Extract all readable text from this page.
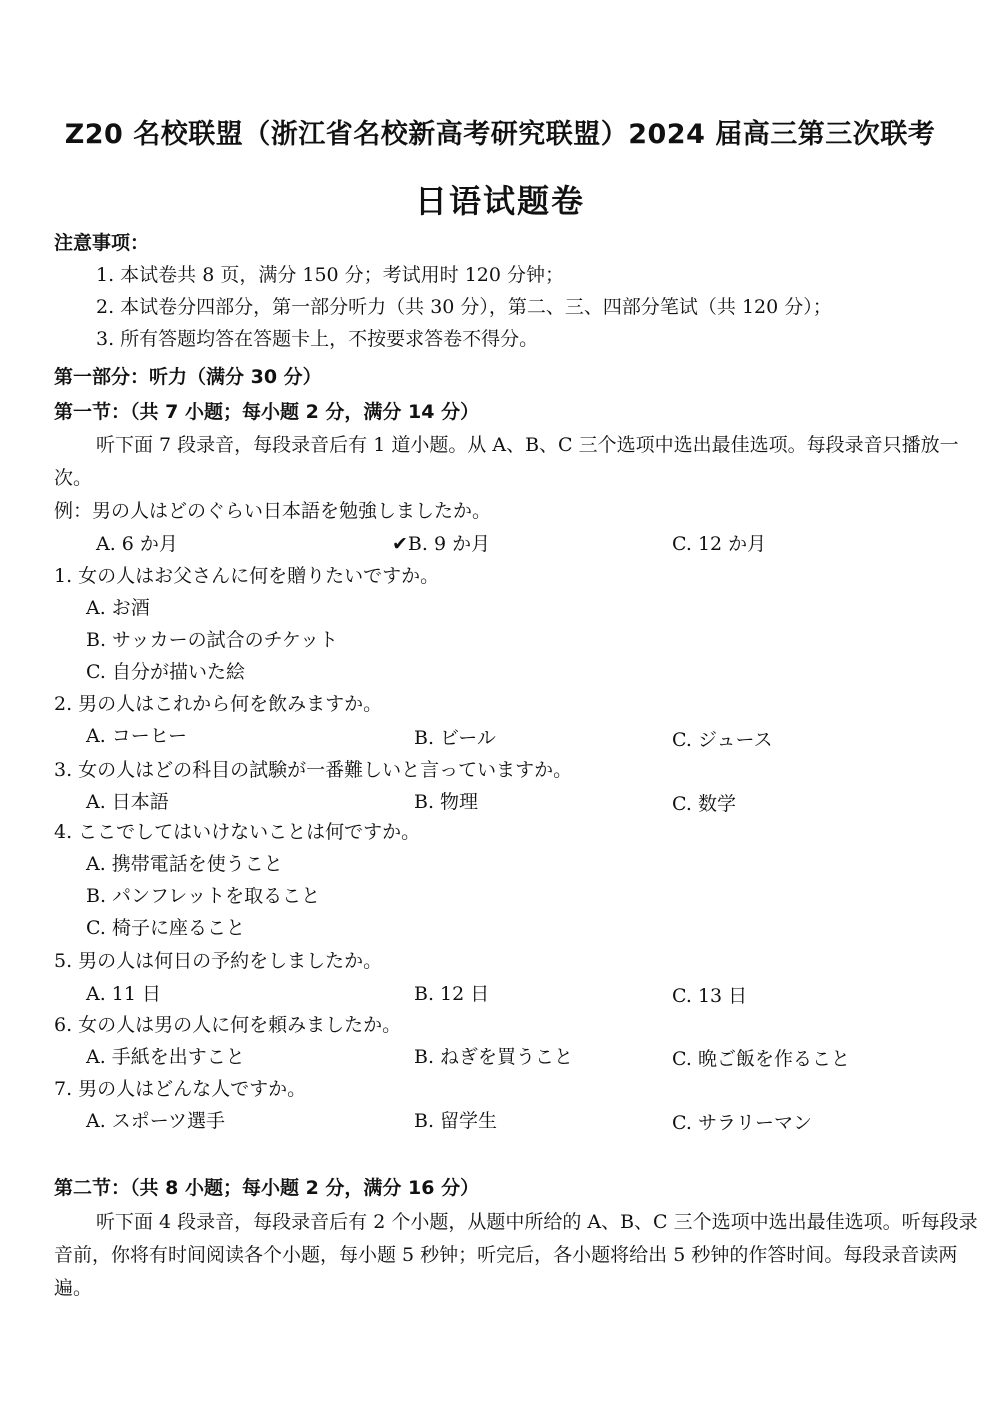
Z20 名校联盟（浙江省名校新高考研究联盟）2024 届高三第三次联考
日语试题卷
注意事项：
1. 本试卷共 8 页，满分 150 分；考试用时 120 分钟；
2. 本试卷分四部分，第一部分听力（共 30 分），第二、三、四部分笔试（共 120 分）；
3. 所有答题均答在答题卡上，不按要求答卷不得分。
第一部分：听力（满分 30 分）
第一节：（共 7 小题；每小题 2 分，满分 14 分）
听下面 7 段录音，每段录音后有 1 道小题。从 A、B、C 三个选项中选出最佳选项。每段录音只播放一次。
例：男の人はどのぐらい日本語を勉強しましたか。
A. 6 か月	✔B. 9 か月	C. 12 か月
1. 女の人はお父さんに何を贈りたいですか。
A. お酒
B. サッカーの試合のチケット
C. 自分が描いた絵
2. 男の人はこれから何を飲みますか。
A. コーヒー	B. ビール	C. ジュース
3. 女の人はどの科目の試験が一番難しいと言っていますか。
A. 日本語	B. 物理	C. 数学
4. ここでしてはいけないことは何ですか。
A. 携帯電話を使うこと
B. パンフレットを取ること
C. 椅子に座ること
5. 男の人は何日の予約をしましたか。
A. 11 日	B. 12 日	C. 13 日
6. 女の人は男の人に何を頼みましたか。
A. 手紙を出すこと	B. ねぎを買うこと	C. 晩ご飯を作ること
7. 男の人はどんな人ですか。
A. スポーツ選手	B. 留学生	C. サラリーマン
第二节：（共 8 小题；每小题 2 分，满分 16 分）
听下面 4 段录音，每段录音后有 2 个小题，从题中所给的 A、B、C 三个选项中选出最佳选项。听每段录音前，你将有时间阅读各个小题，每小题 5 秒钟；听完后，各小题将给出 5 秒钟的作答时间。每段录音读两遍。
